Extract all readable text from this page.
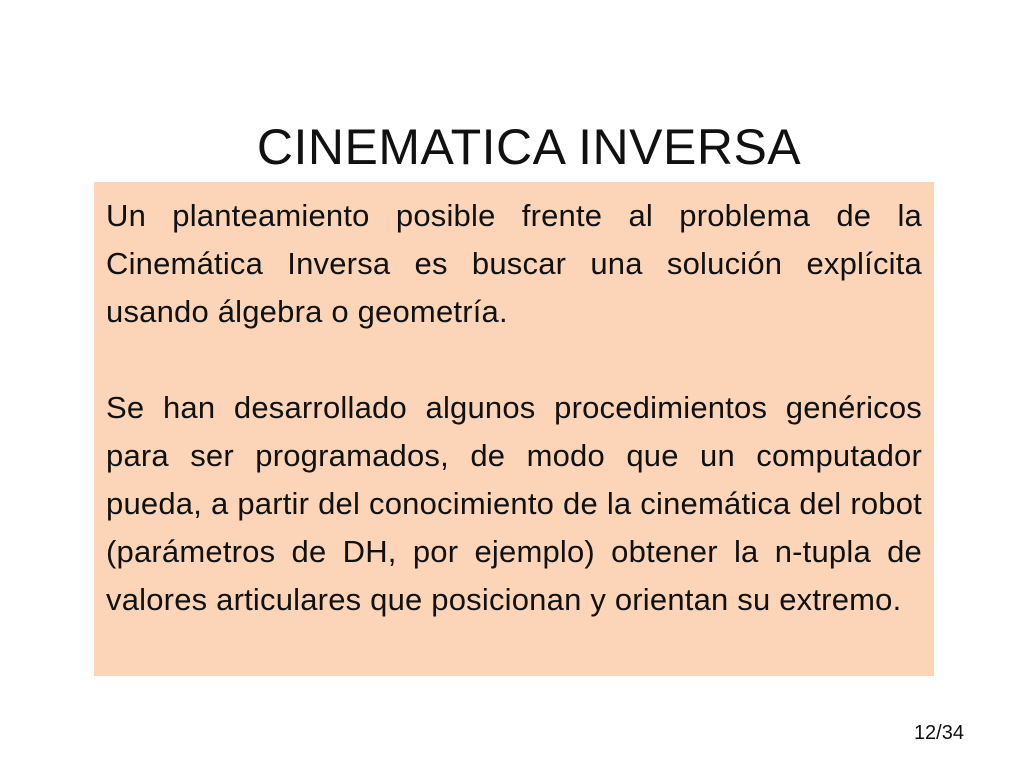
CINEMATICA INVERSA

Un planteamiento posible frente al problema de la Cinemática Inversa es buscar una solución explícita usando álgebra o geometría.

Se han desarrollado algunos procedimientos genéricos para ser programados, de modo que un computador pueda, a partir del conocimiento de la cinemática del robot (parámetros de DH, por ejemplo) obtener la n-tupla de valores articulares que posicionan y orientan su extremo.

12/34
